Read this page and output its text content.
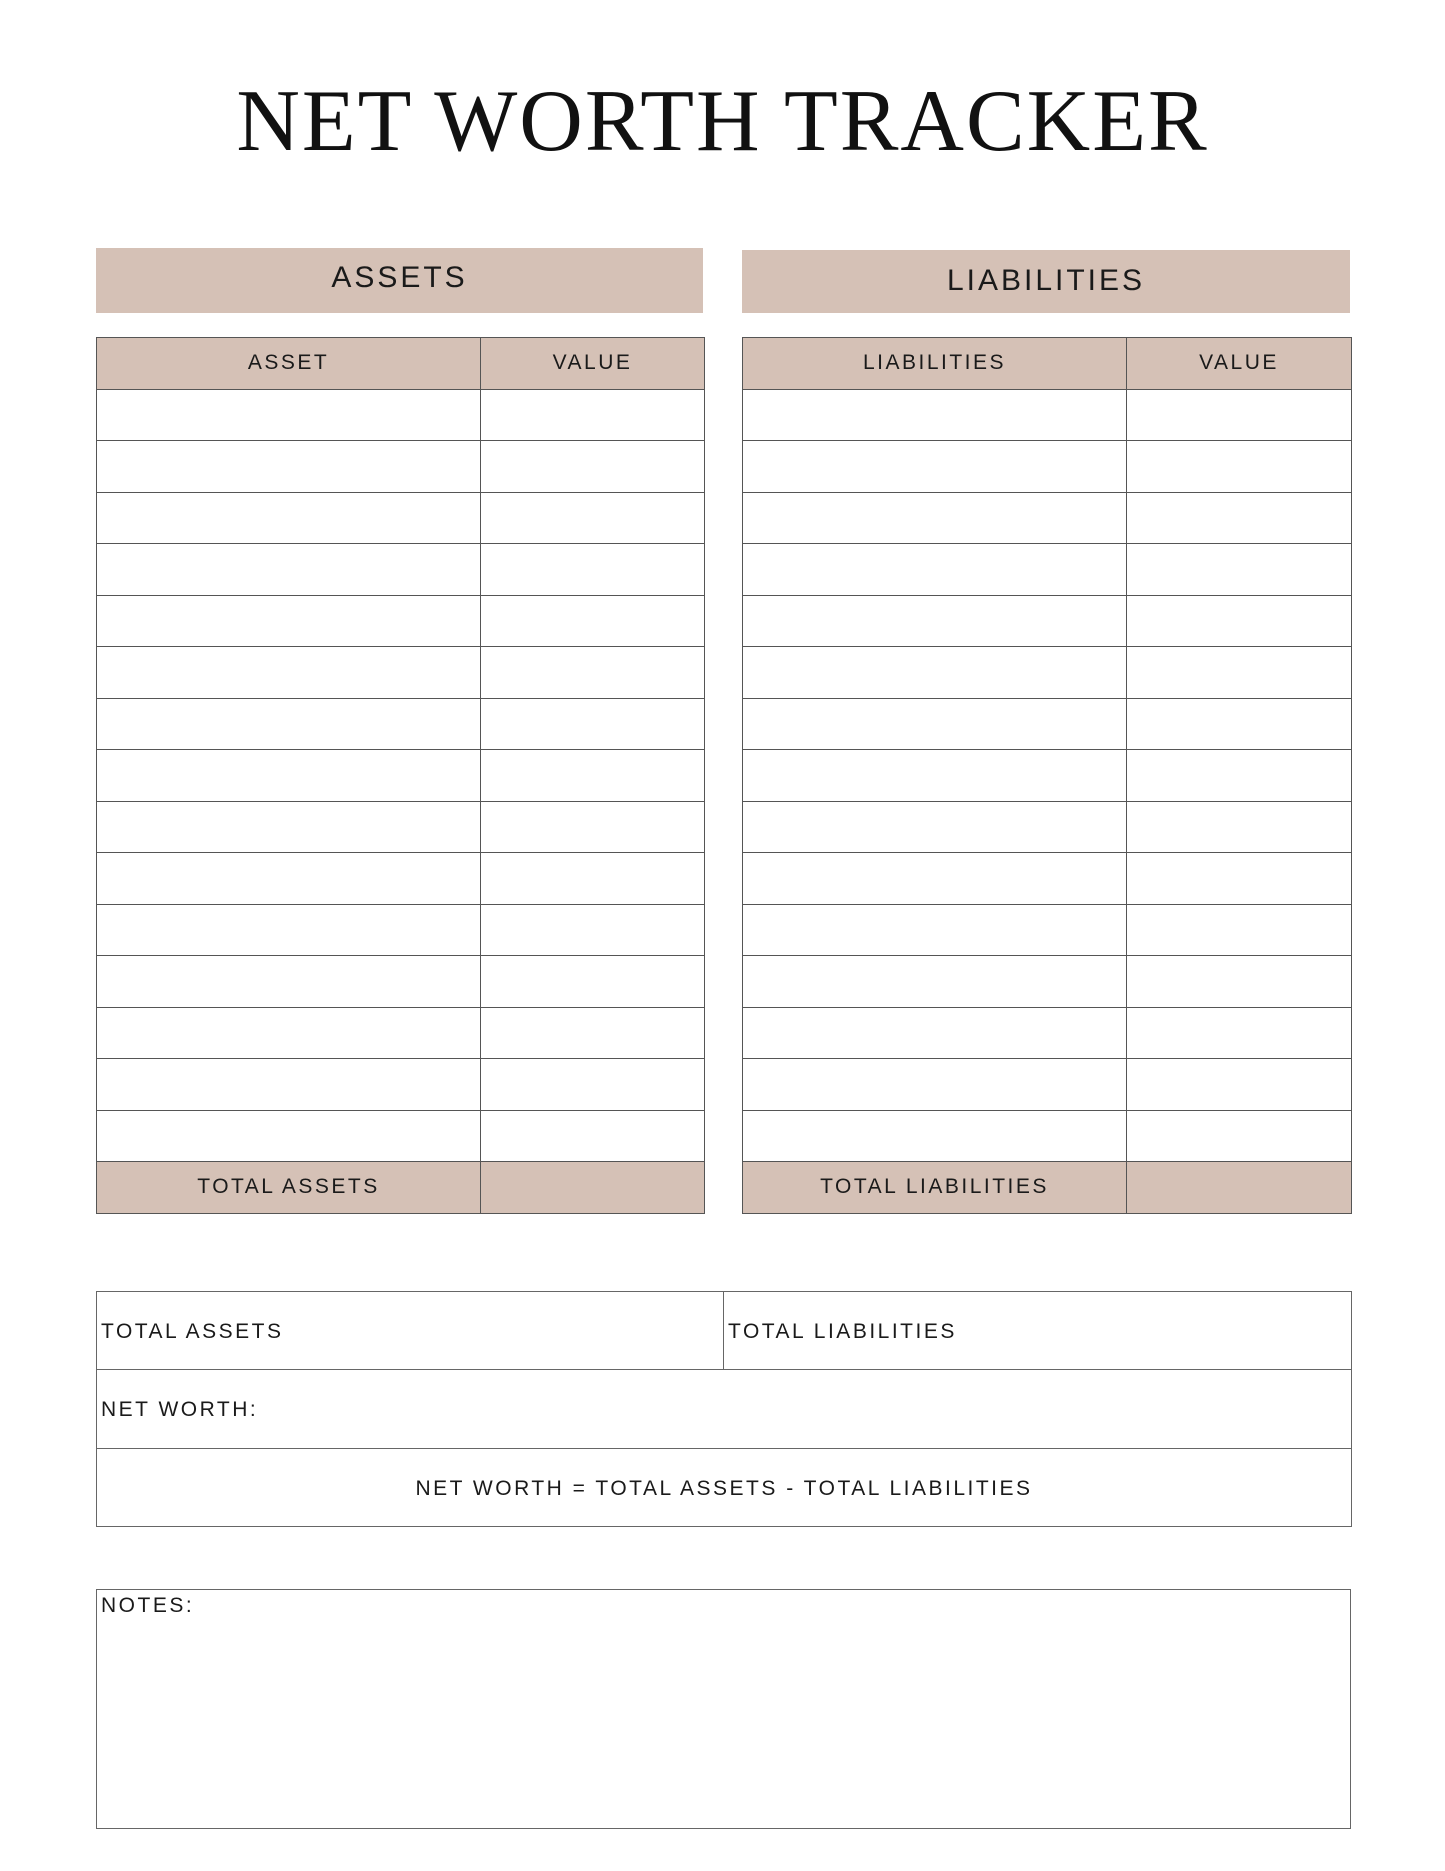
NET WORTH TRACKER
ASSETS	LIABILITIES
ASSET	VALUE

TOTAL ASSETS	
LIABILITIES	VALUE

TOTAL LIABILITIES	
TOTAL ASSETS	TOTAL LIABILITIES
NET WORTH:
NET WORTH = TOTAL ASSETS - TOTAL LIABILITIES
NOTES:
